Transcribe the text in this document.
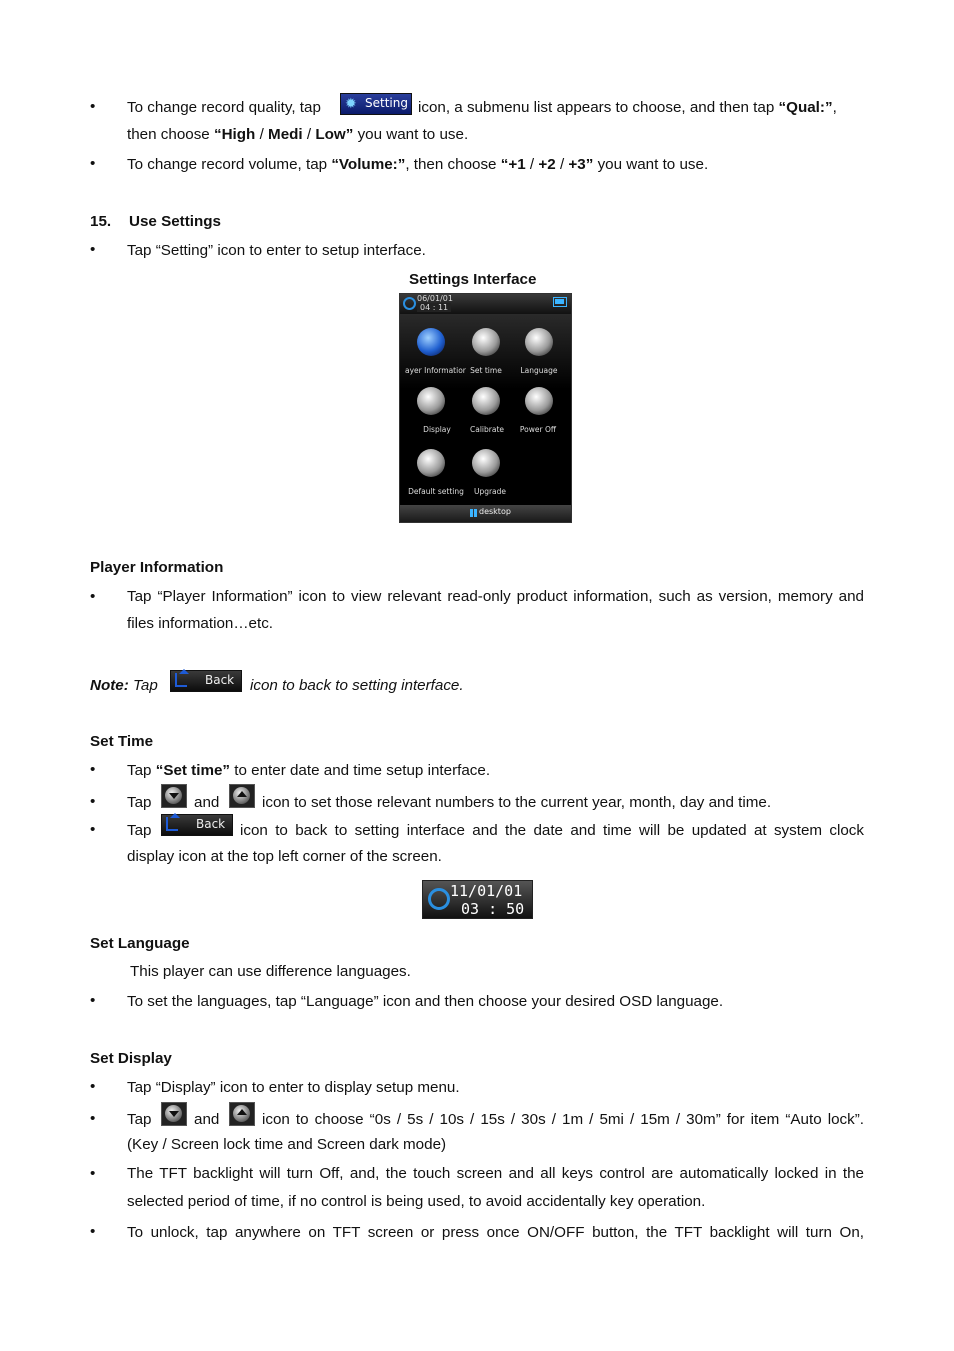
•	To change record quality, tap ✹ Setting icon, a submenu list appears to choose, and then tap “Qual:”,
then choose “High / Medi / Low” you want to use.
•	To change record volume, tap “Volume:”, then choose “+1 / +2 / +3” you want to use.
15. Use Settings
•	Tap “Setting” icon to enter to setup interface.
Settings Interface
06/01/01
04 : 11
ayer Informatior Set time	Language
Display	Calibrate	Power Off
Default setting	Upgrade
desktop
Player Information
•	Tap “Player Information” icon to view relevant read-only product information, such as version, memory and files information…etc.
Note: Tap	Back icon to back to setting interface.
Set Time
•	Tap “Set time” to enter date and time setup interface.
•	Tap	and	icon to set those relevant numbers to the current year, month, day and time.
•	Tap	Back icon to back to setting interface and the date and time will be updated at system clock
display icon at the top left corner of the screen.
11/01/01
03 : 50
Set Language
This player can use difference languages.
•	To set the languages, tap “Language” icon and then choose your desired OSD language.
Set Display
•	Tap “Display” icon to enter to display setup menu.
•	Tap	and	icon to choose “0s / 5s / 10s / 15s / 30s / 1m / 5mi / 15m / 30m” for item “Auto lock”.
(Key / Screen lock time and Screen dark mode)
•	The TFT backlight will turn Off, and, the touch screen and all keys control are automatically locked in the selected period of time, if no control is being used, to avoid accidentally key operation.
•	To unlock, tap anywhere on TFT screen or press once ON/OFF button, the TFT backlight will turn On,
